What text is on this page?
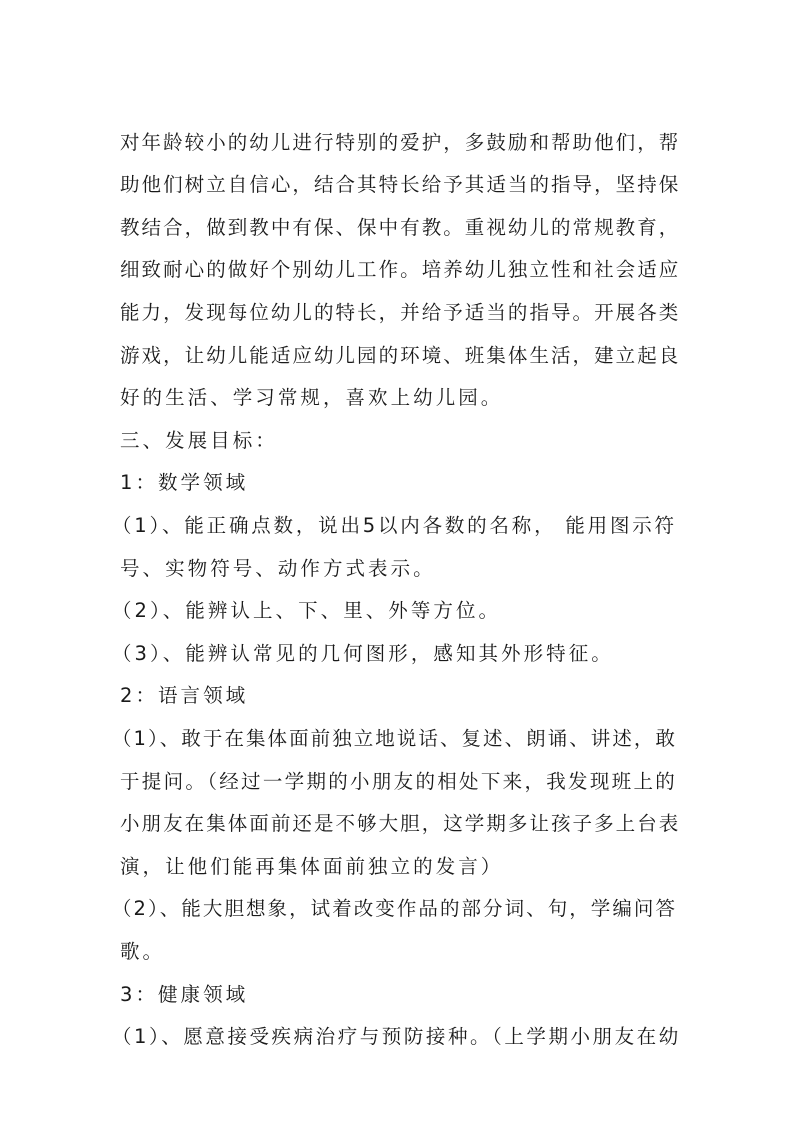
对年龄较小的幼儿进行特别的爱护，多鼓励和帮助他们，帮
助他们树立自信心，结合其特长给予其适当的指导，坚持保
教结合，做到教中有保、保中有教。重视幼儿的常规教育，
细致耐心的做好个别幼儿工作。培养幼儿独立性和社会适应
能力，发现每位幼儿的特长，并给予适当的指导。开展各类
游戏，让幼儿能适应幼儿园的环境、班集体生活，建立起良
好的生活、学习常规，喜欢上幼儿园。
三、发展目标：
1：数学领域
（1）、能正确点数，说出5以内各数的名称， 能用图示符
号、实物符号、动作方式表示。
（2）、能辨认上、下、里、外等方位。
（3）、能辨认常见的几何图形，感知其外形特征。
2：语言领域
（1）、敢于在集体面前独立地说话、复述、朗诵、讲述，敢
于提问。（经过一学期的小朋友的相处下来，我发现班上的
小朋友在集体面前还是不够大胆，这学期多让孩子多上台表
演，让他们能再集体面前独立的发言）
（2）、能大胆想象，试着改变作品的部分词、句，学编问答
歌。
3：健康领域
（1）、愿意接受疾病治疗与预防接种。（上学期小朋友在幼
